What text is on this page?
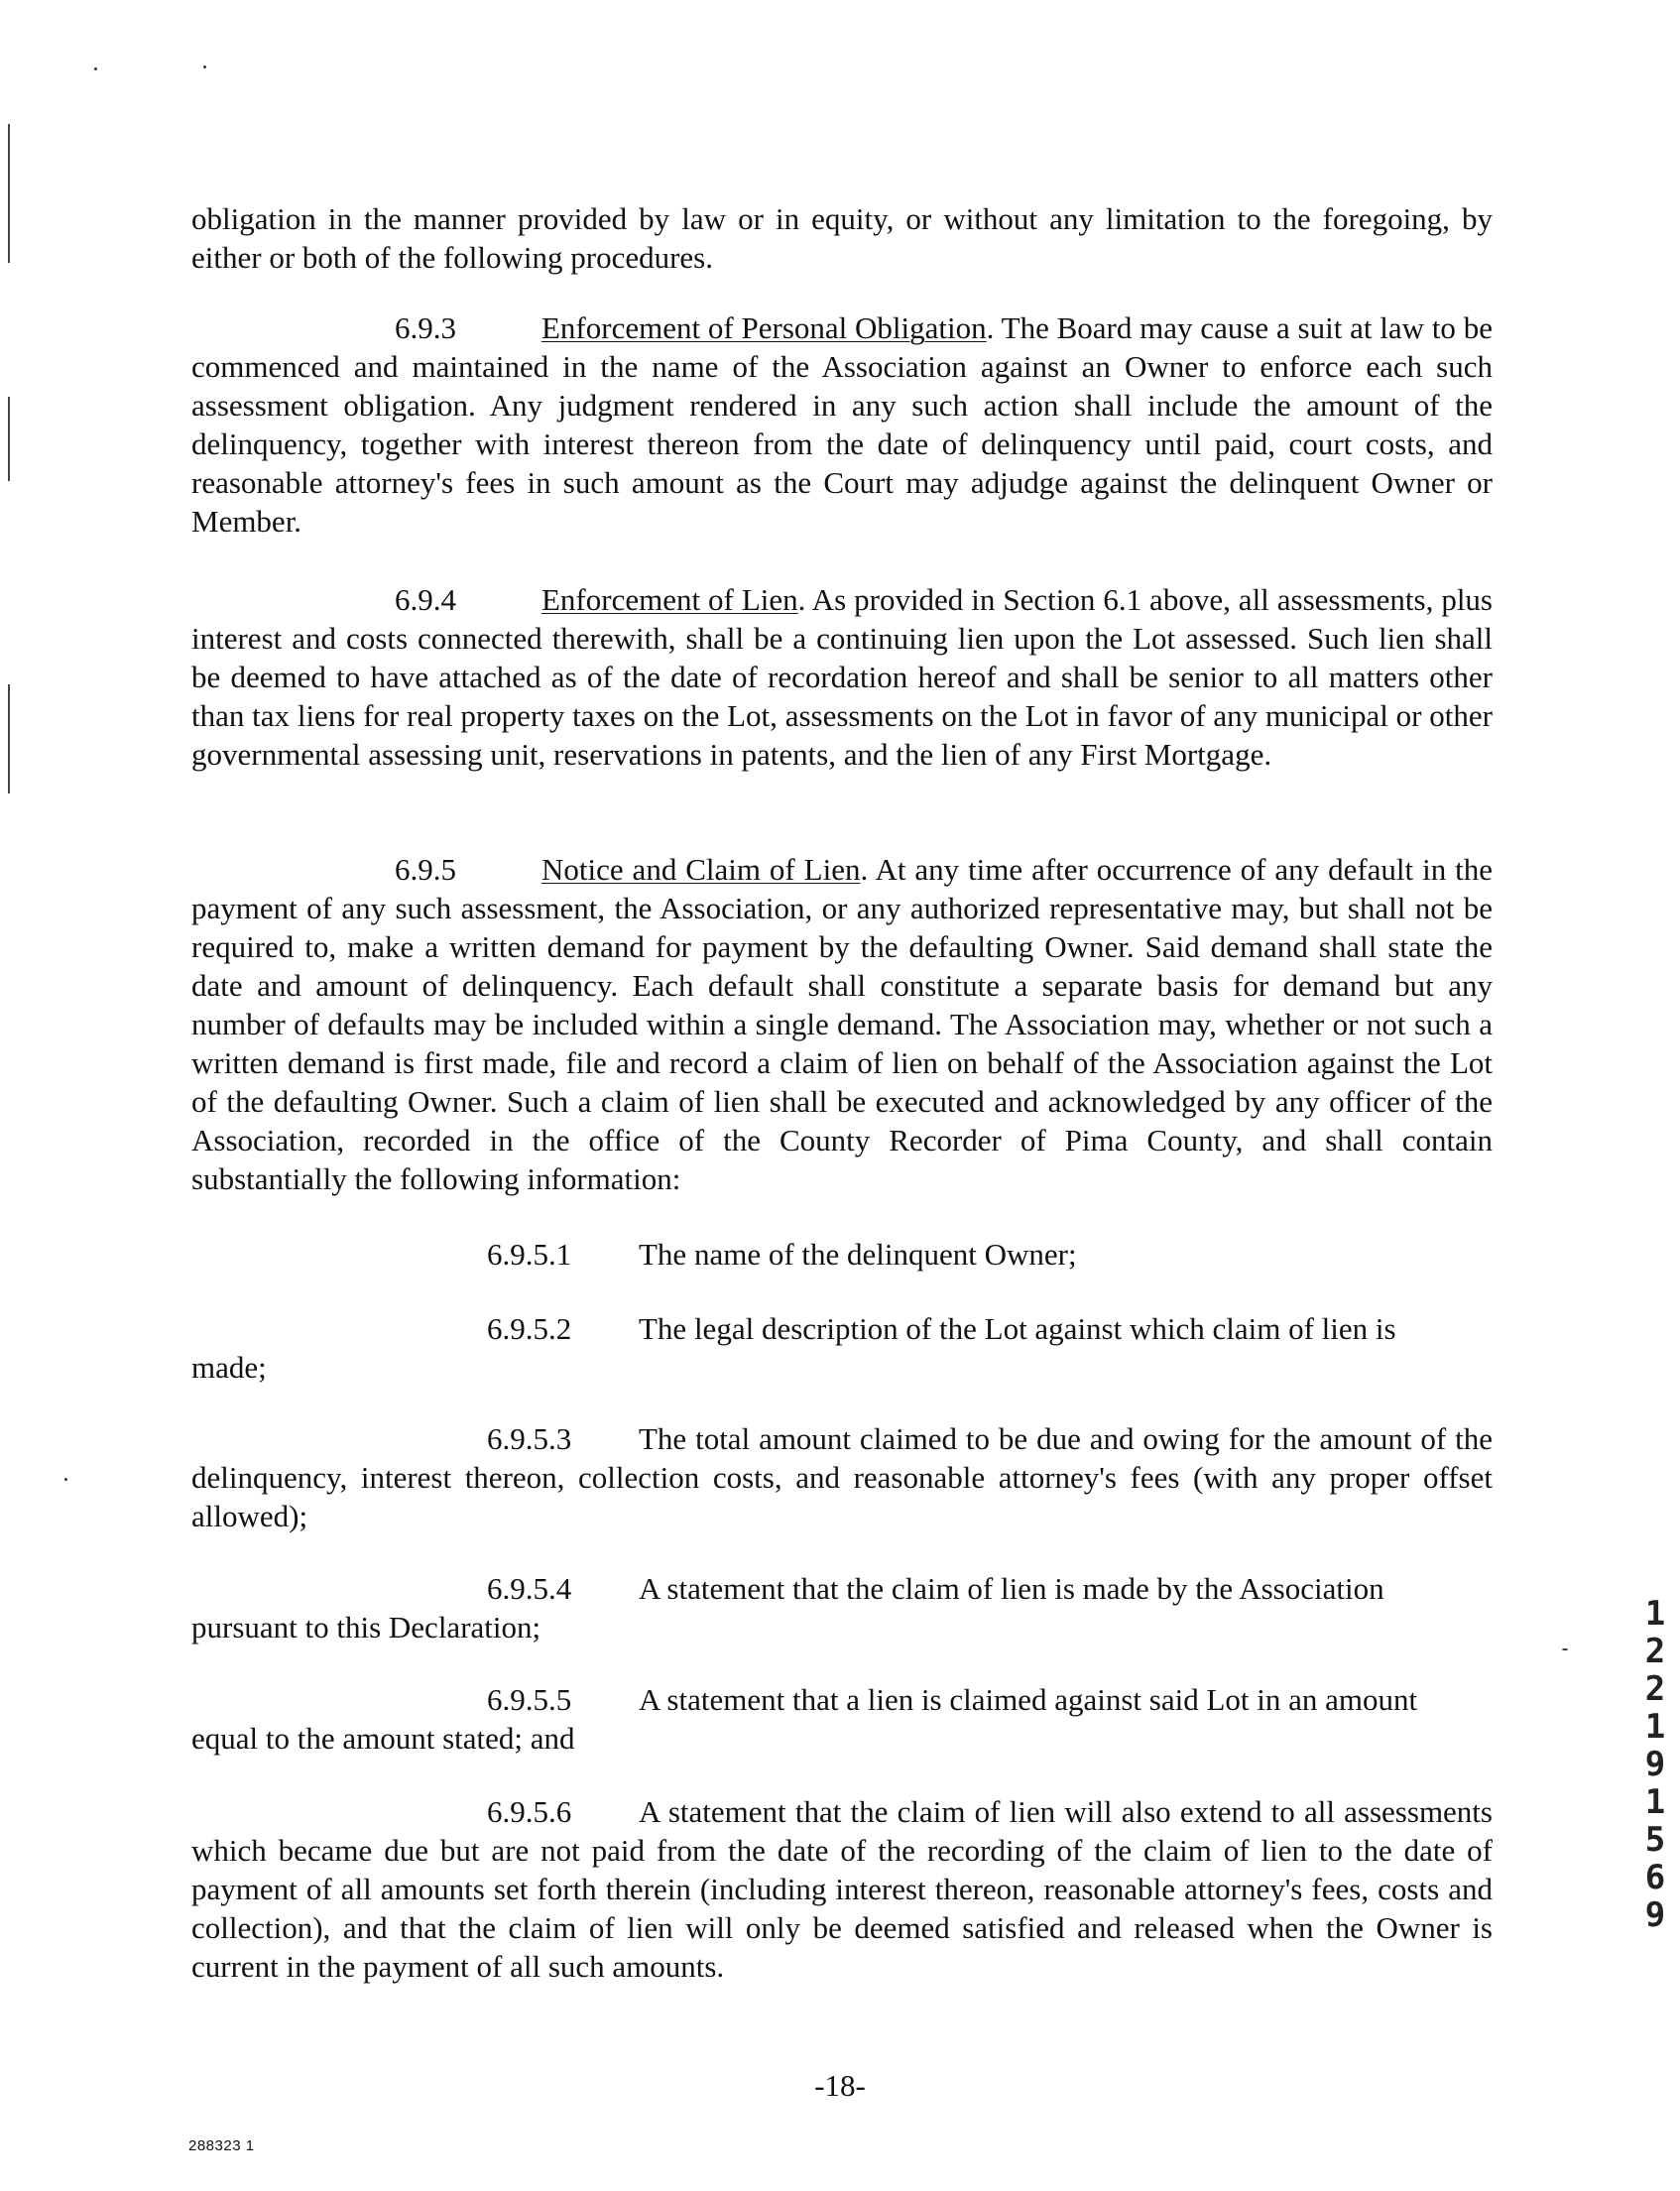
obligation in the manner provided by law or in equity, or without any limitation to the foregoing, by either or both of the following procedures.

6.9.3	Enforcement of Personal Obligation. The Board may cause a suit at law to be commenced and maintained in the name of the Association against an Owner to enforce each such assessment obligation. Any judgment rendered in any such action shall include the amount of the delinquency, together with interest thereon from the date of delinquency until paid, court costs, and reasonable attorney's fees in such amount as the Court may adjudge against the delinquent Owner or Member.

6.9.4	Enforcement of Lien. As provided in Section 6.1 above, all assessments, plus interest and costs connected therewith, shall be a continuing lien upon the Lot assessed. Such lien shall be deemed to have attached as of the date of recordation hereof and shall be senior to all matters other than tax liens for real property taxes on the Lot, assessments on the Lot in favor of any municipal or other governmental assessing unit, reservations in patents, and the lien of any First Mortgage.

6.9.5	Notice and Claim of Lien. At any time after occurrence of any default in the payment of any such assessment, the Association, or any authorized representative may, but shall not be required to, make a written demand for payment by the defaulting Owner. Said demand shall state the date and amount of delinquency. Each default shall constitute a separate basis for demand but any number of defaults may be included within a single demand. The Association may, whether or not such a written demand is first made, file and record a claim of lien on behalf of the Association against the Lot of the defaulting Owner. Such a claim of lien shall be executed and acknowledged by any officer of the Association, recorded in the office of the County Recorder of Pima County, and shall contain substantially the following information:

6.9.5.1 The name of the delinquent Owner;
6.9.5.2 The legal description of the Lot against which claim of lien is
made;

6.9.5.3 The total amount claimed to be due and owing for the amount of the delinquency, interest thereon, collection costs, and reasonable attorney's fees (with any proper offset allowed);

6.9.5.4 A statement that the claim of lien is made by the Association
pursuant to this Declaration;
6.9.5.5 A statement that a lien is claimed against said Lot in an amount
equal to the amount stated; and

6.9.5.6 A statement that the claim of lien will also extend to all assessments which became due but are not paid from the date of the recording of the claim of lien to the date of payment of all amounts set forth therein (including interest thereon, reasonable attorney's fees, costs and collection), and that the claim of lien will only be deemed satisfied and released when the Owner is current in the payment of all such amounts.

1
2
2
1
9
1
5
6
9
-18-
288323 1
